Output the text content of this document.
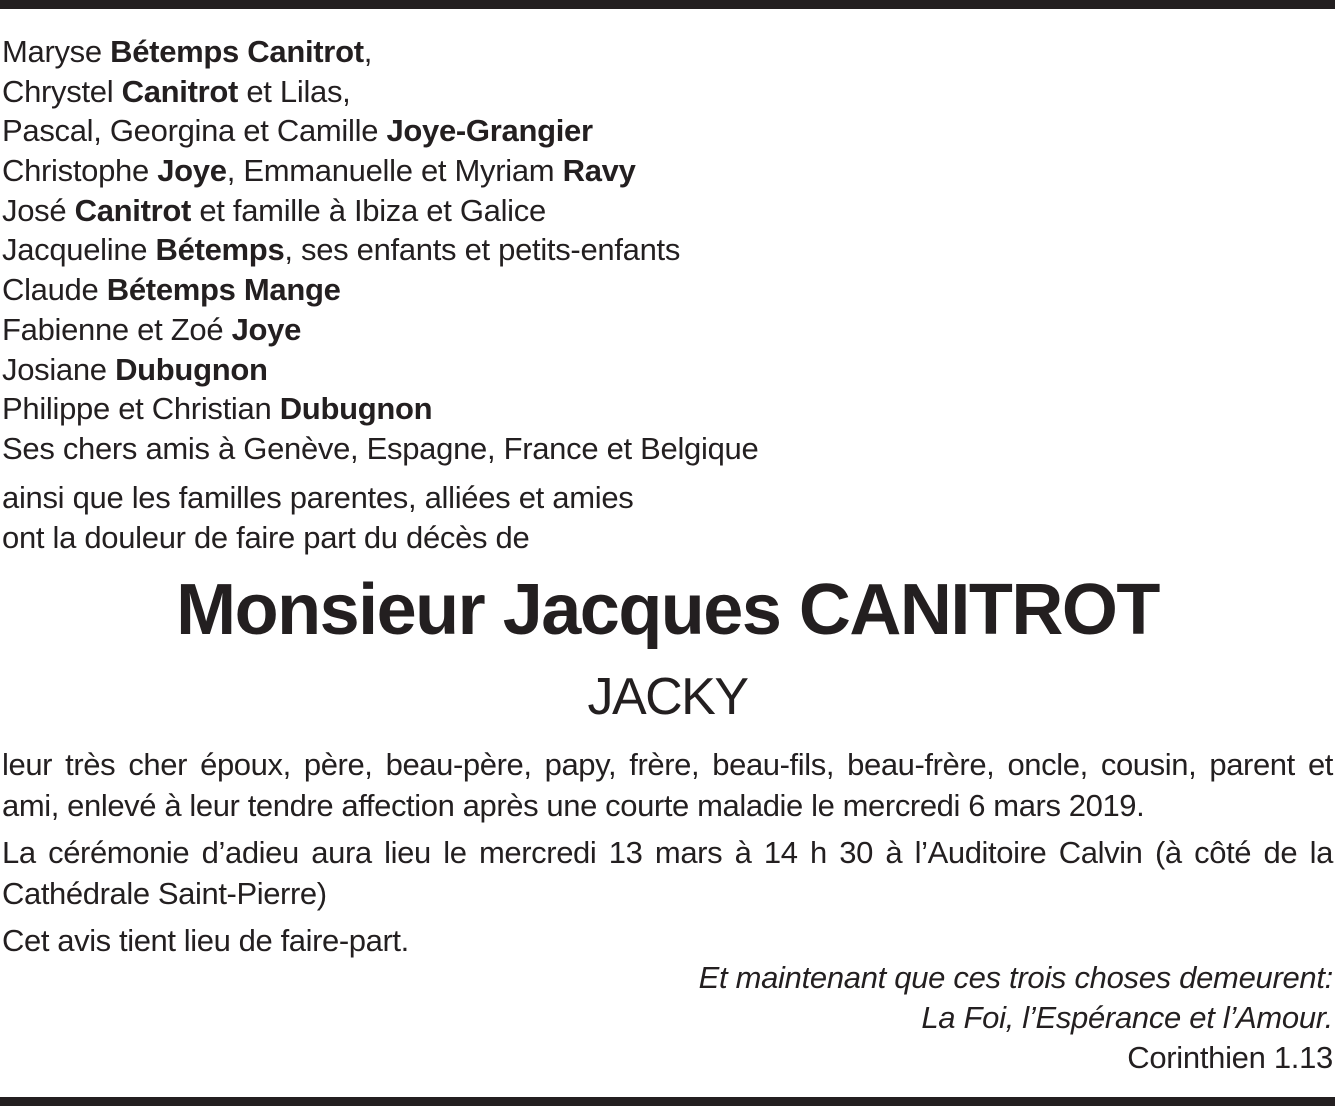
Maryse Bétemps Canitrot,
Chrystel Canitrot et Lilas,
Pascal, Georgina et Camille Joye-Grangier
Christophe Joye, Emmanuelle et Myriam Ravy
José Canitrot et famille à Ibiza et Galice
Jacqueline Bétemps, ses enfants et petits-enfants
Claude Bétemps Mange
Fabienne et Zoé Joye
Josiane Dubugnon
Philippe et Christian Dubugnon
Ses chers amis à Genève, Espagne, France et Belgique
ainsi que les familles parentes, alliées et amies
ont la douleur de faire part du décès de
Monsieur Jacques CANITROT
JACKY
leur très cher époux, père, beau-père, papy, frère, beau-fils, beau-frère, oncle, cousin, parent et ami, enlevé à leur tendre affection après une courte maladie le mercredi 6 mars 2019.
La cérémonie d’adieu aura lieu le mercredi 13 mars à 14 h 30 à l’Auditoire Calvin (à côté de la Cathédrale Saint-Pierre)
Cet avis tient lieu de faire-part.
Et maintenant que ces trois choses demeurent:
La Foi, l’Espérance et l’Amour.
Corinthien 1.13
